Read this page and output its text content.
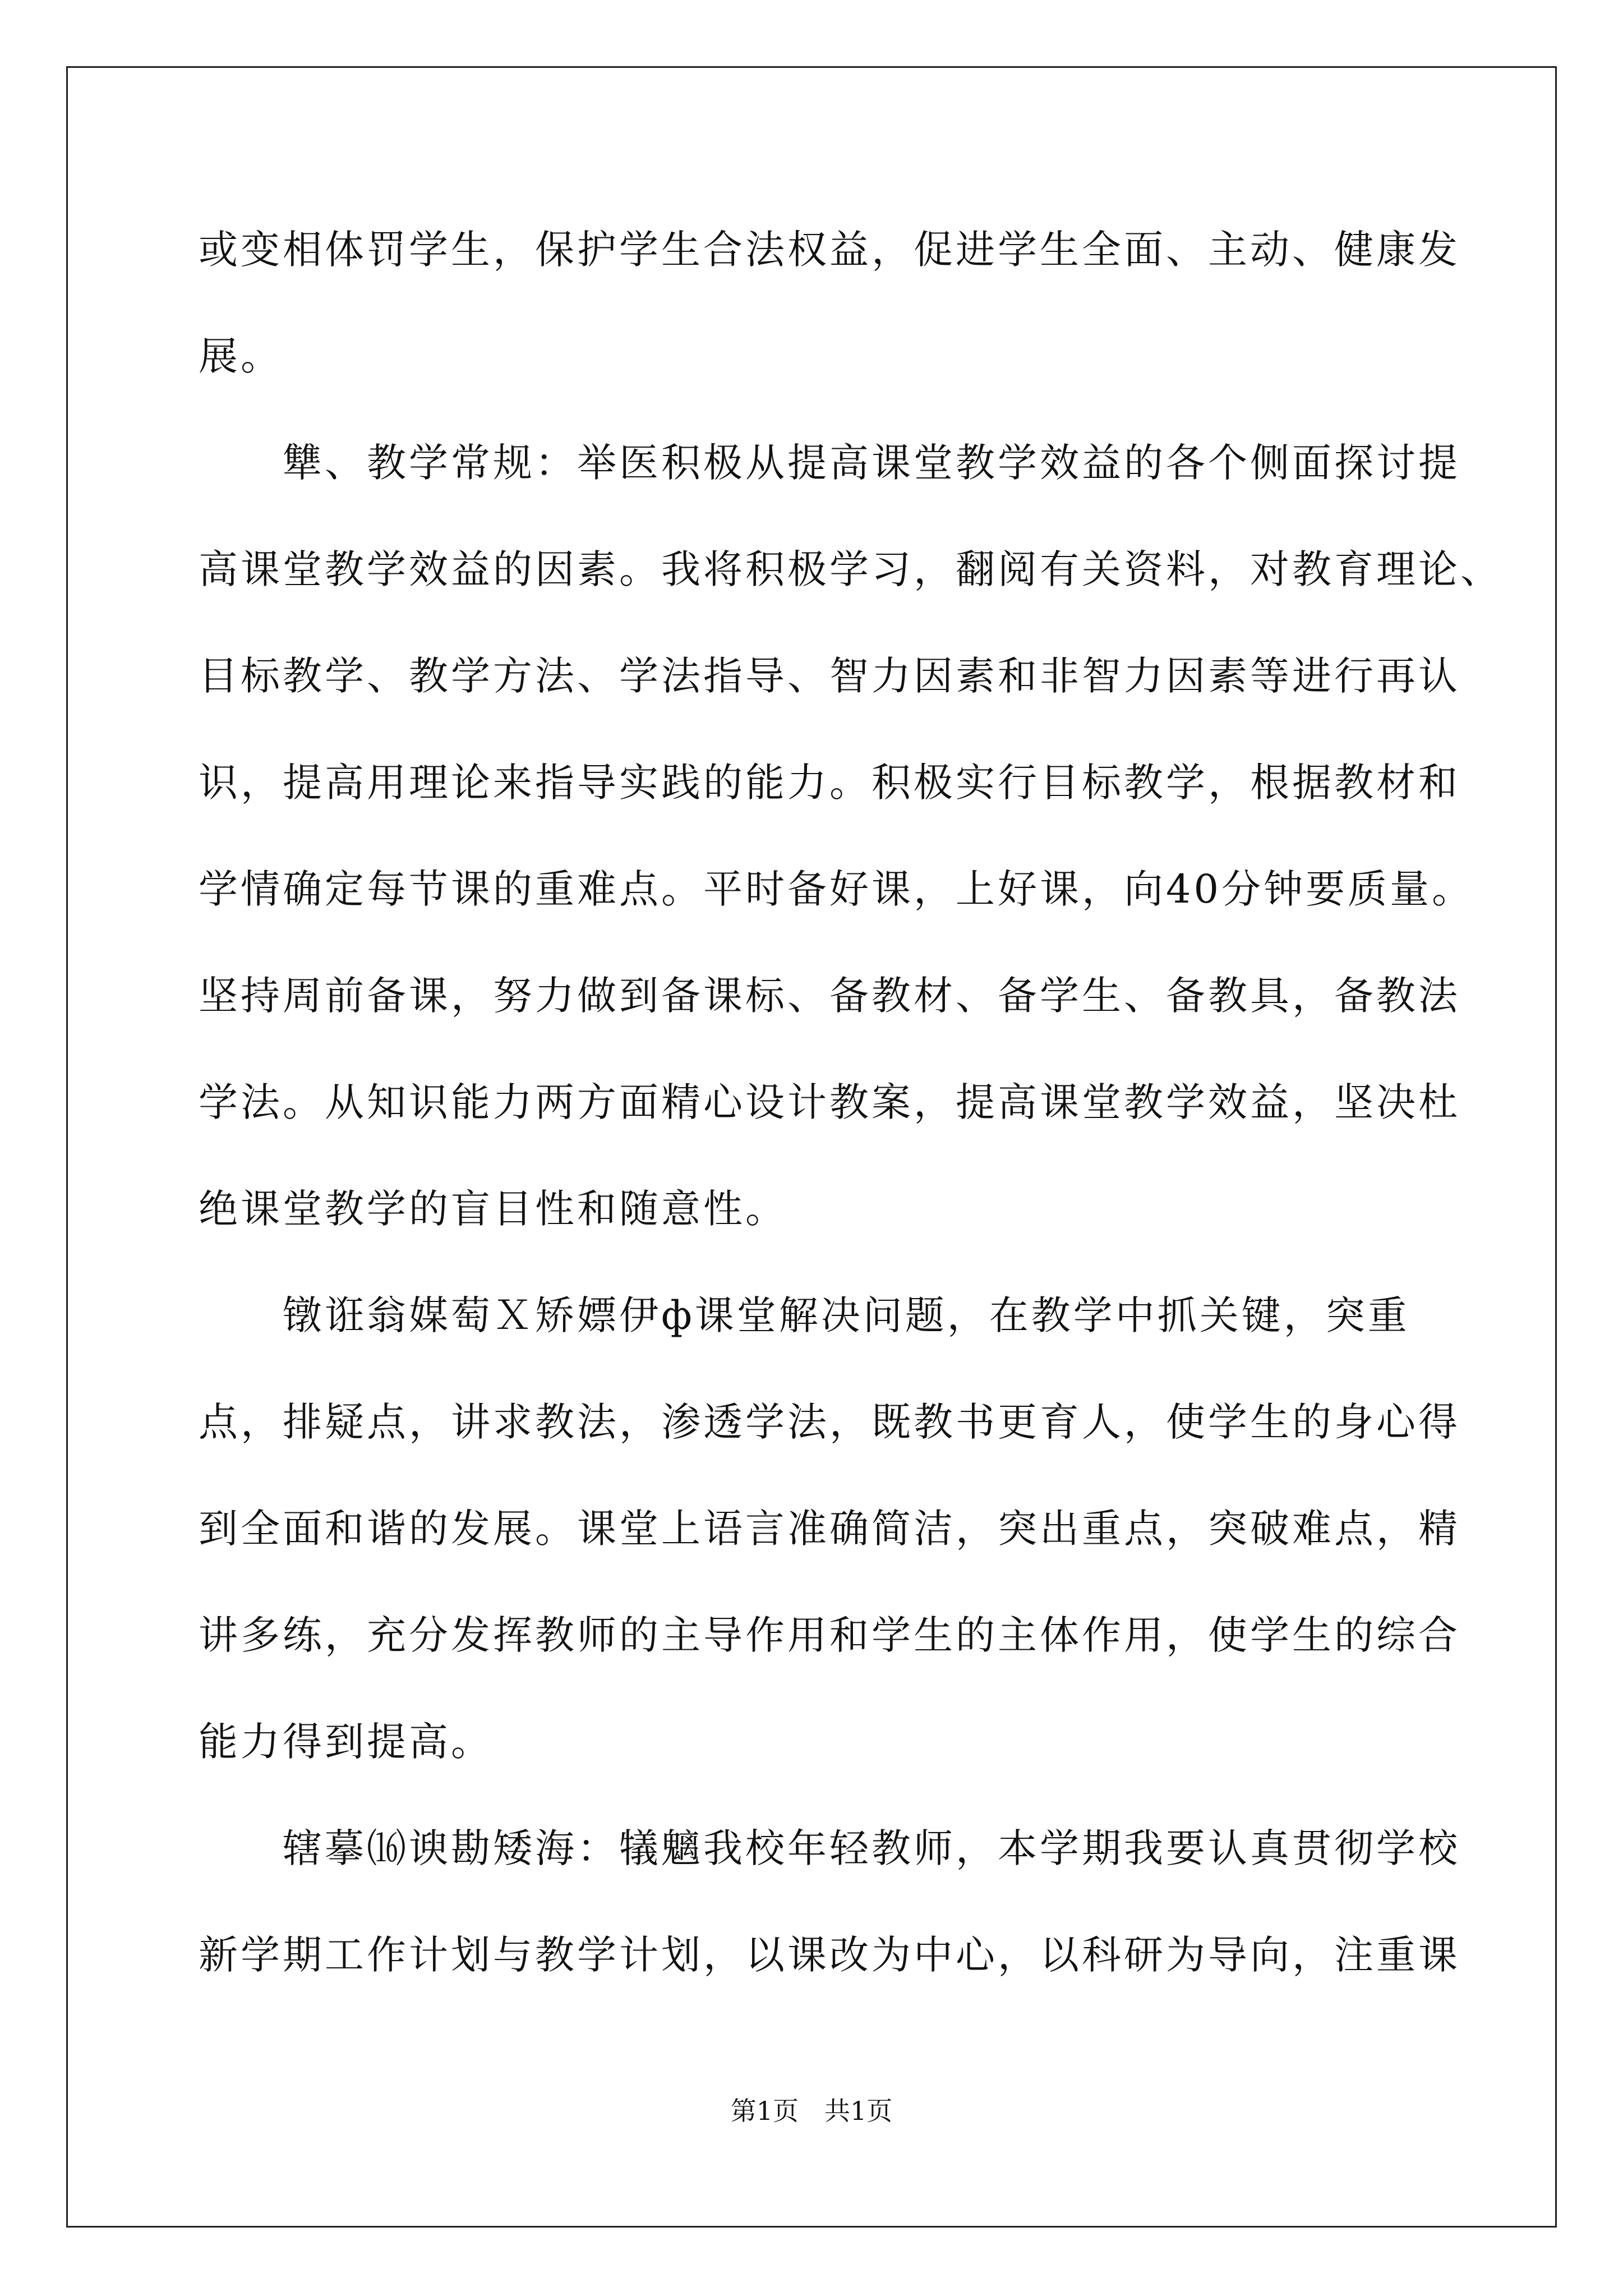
或变相体罚学生，保护学生合法权益，促进学生全面、主动、健康发
展。
　　犨、教学常规：举医积极从提高课堂教学效益的各个侧面探讨提
高课堂教学效益的因素。我将积极学习，翻阅有关资料，对教育理论、
目标教学、教学方法、学法指导、智力因素和非智力因素等进行再认
识，提高用理论来指导实践的能力。积极实行目标教学，根据教材和
学情确定每节课的重难点。平时备好课，上好课，向40分钟要质量。
坚持周前备课，努力做到备课标、备教材、备学生、备教具，备教法
学法。从知识能力两方面精心设计教案，提高课堂教学效益，坚决杜
绝课堂教学的盲目性和随意性。
　　镦诳翁媒萄Ｘ矫嫖伊ф课堂解决问题，在教学中抓关键，突重
点，排疑点，讲求教法，渗透学法，既教书更育人，使学生的身心得
到全面和谐的发展。课堂上语言准确简洁，突出重点，突破难点，精
讲多练，充分发挥教师的主导作用和学生的主体作用，使学生的综合
能力得到提高。
　　辖摹⒃谀勘矮海：犠魑我校年轻教师，本学期我要认真贯彻学校
新学期工作计划与教学计划，以课改为中心，以科研为导向，注重课
第1页　共1页
